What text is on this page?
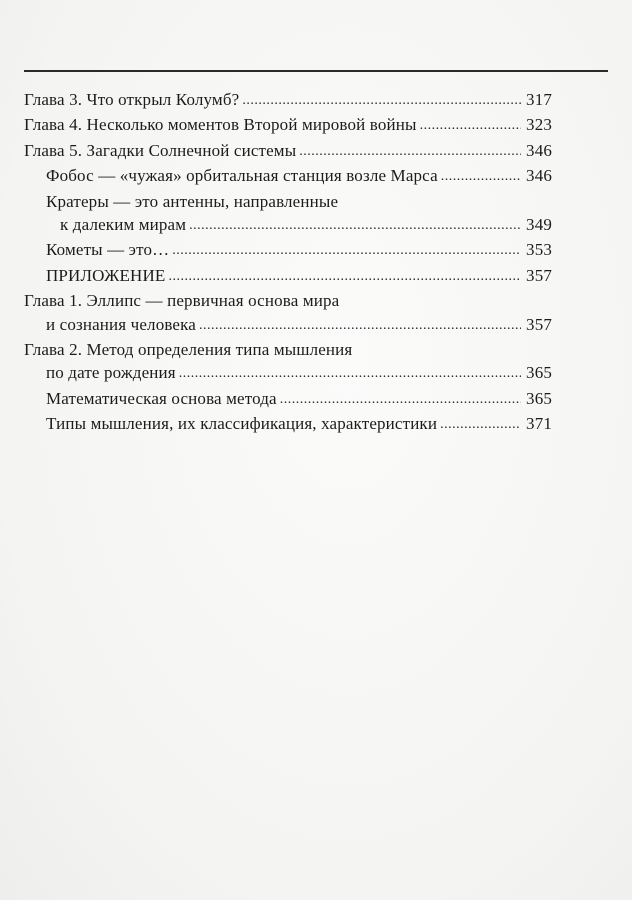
Глава 3. Что открыл Колумб? . . .	317
Глава 4. Несколько моментов Второй мировой войны . . .	323
Глава 5. Загадки Солнечной системы . . .	346
Фобос — «чужая» орбитальная станция возле Марса . . .	346
Кратеры — это антенны, направленные
к далеким мирам . . .	349
Кометы — это… . . .	353
ПРИЛОЖЕНИЕ . . .	357
Глава 1. Эллипс — первичная основа мира
и сознания человека . . .	357
Глава 2. Метод определения типа мышления
по дате рождения . . .	365
Математическая основа метода . . .	365
Типы мышления, их классификация, характеристики . . .	371
